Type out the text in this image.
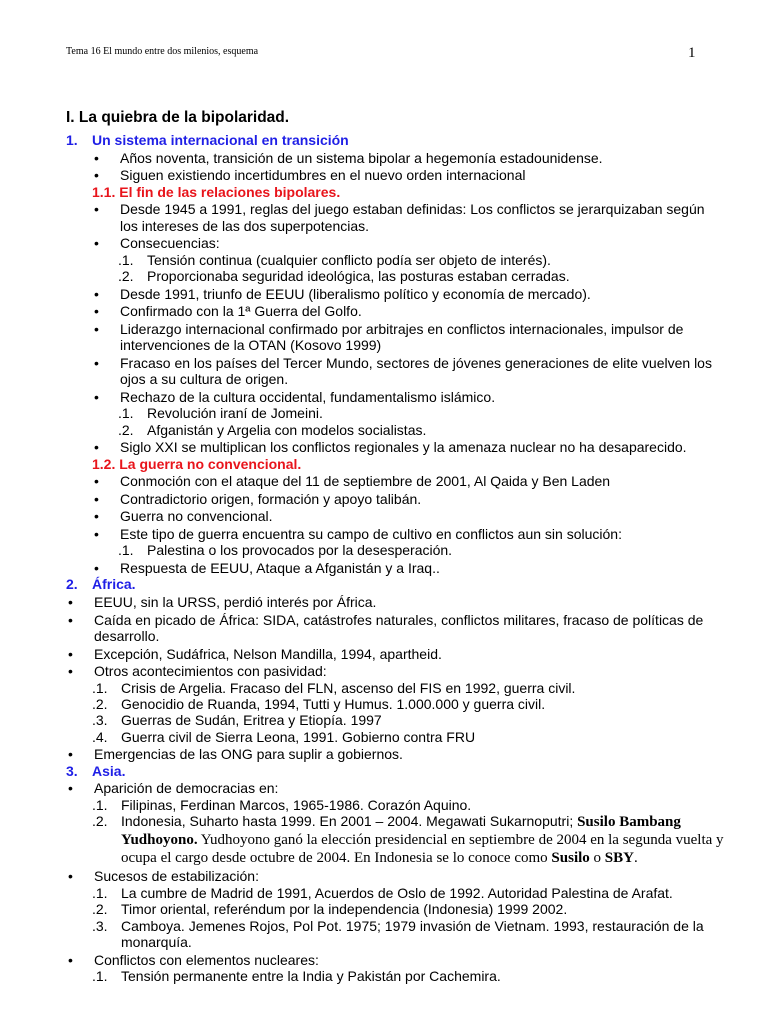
Tema 16 El mundo entre dos milenios, esquema	1
I. La quiebra de la bipolaridad.
1.	Un sistema internacional en transición
•	Años noventa, transición de un sistema bipolar a hegemonía estadounidense.
•	Siguen existiendo incertidumbres en el nuevo orden internacional
1.1. El fin de las relaciones bipolares.
•	Desde 1945 a 1991, reglas del juego estaban definidas: Los conflictos se jerarquizaban según los intereses de las dos superpotencias.
•	Consecuencias:
.1. Tensión continua (cualquier conflicto podía ser objeto de interés).
.2. Proporcionaba seguridad ideológica, las posturas estaban cerradas.
•	Desde 1991, triunfo de EEUU (liberalismo político y economía de mercado).
•	Confirmado con la 1ª Guerra del Golfo.
•	Liderazgo internacional confirmado por arbitrajes en conflictos internacionales, impulsor de intervenciones de la OTAN (Kosovo 1999)
•	Fracaso en los países del Tercer Mundo, sectores de jóvenes generaciones de elite vuelven los ojos a su cultura de origen.
•	Rechazo de la cultura occidental, fundamentalismo islámico.
.1. Revolución iraní de Jomeini.
.2. Afganistán y Argelia con modelos socialistas.
•	Siglo XXI se multiplican los conflictos regionales y la amenaza nuclear no ha desaparecido.
1.2. La guerra no convencional.
•	Conmoción con el ataque del 11 de septiembre de 2001, Al Qaida y Ben Laden
•	Contradictorio origen, formación y apoyo talibán.
•	Guerra no convencional.
•	Este tipo de guerra encuentra su campo de cultivo en conflictos aun sin solución:
.1. Palestina o los provocados por la desesperación.
•	Respuesta de EEUU, Ataque a Afganistán y a Iraq..
2.	África.
•	EEUU, sin la URSS, perdió interés por África.
•	Caída en picado de África: SIDA, catástrofes naturales, conflictos militares, fracaso de políticas de desarrollo.
•	Excepción, Sudáfrica, Nelson Mandilla, 1994, apartheid.
•	Otros acontecimientos con pasividad:
.1. Crisis de Argelia. Fracaso del FLN, ascenso del FIS en 1992, guerra civil.
.2. Genocidio de Ruanda, 1994, Tutti y Humus. 1.000.000 y guerra civil.
.3. Guerras de Sudán, Eritrea y Etiopía. 1997
.4. Guerra civil de Sierra Leona, 1991. Gobierno contra FRU
•	Emergencias de las ONG para suplir a gobiernos.
3.	Asia.
•	Aparición de democracias en:
.1. Filipinas, Ferdinan Marcos, 1965-1986. Corazón Aquino.
.2. Indonesia, Suharto hasta 1999. En 2001 – 2004. Megawati Sukarnoputri; Susilo Bambang Yudhoyono. Yudhoyono ganó la elección presidencial en septiembre de 2004 en la segunda vuelta y ocupa el cargo desde octubre de 2004. En Indonesia se lo conoce como Susilo o SBY.
•	Sucesos de estabilización:
.1. La cumbre de Madrid de 1991, Acuerdos de Oslo de 1992. Autoridad Palestina de Arafat.
.2. Timor oriental, referéndum por la independencia (Indonesia) 1999 2002.
.3. Camboya. Jemenes Rojos, Pol Pot. 1975; 1979 invasión de Vietnam. 1993, restauración de la monarquía.
•	Conflictos con elementos nucleares:
.1. Tensión permanente entre la India y Pakistán por Cachemira.
